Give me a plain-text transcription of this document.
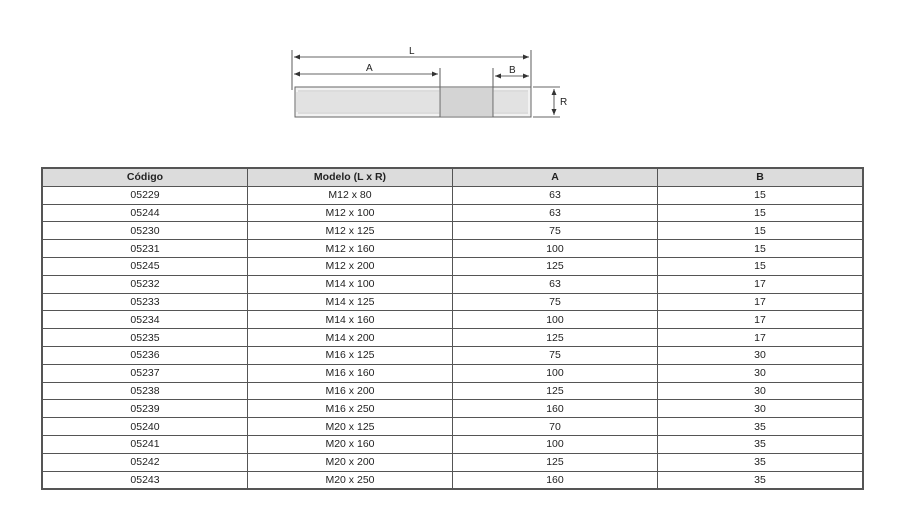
L
A	B
R
Código	Modelo (L x R)	A	B
05229	M12 x 80	63	15
05244	M12 x 100	63	15
05230	M12 x 125	75	15
05231	M12 x 160	100	15
05245	M12 x 200	125	15
05232	M14 x 100	63	17
05233	M14 x 125	75	17
05234	M14 x 160	100	17
05235	M14 x 200	125	17
05236	M16 x 125	75	30
05237	M16 x 160	100	30
05238	M16 x 200	125	30
05239	M16 x 250	160	30
05240	M20 x 125	70	35
05241	M20 x 160	100	35
05242	M20 x 200	125	35
05243	M20 x 250	160	35
